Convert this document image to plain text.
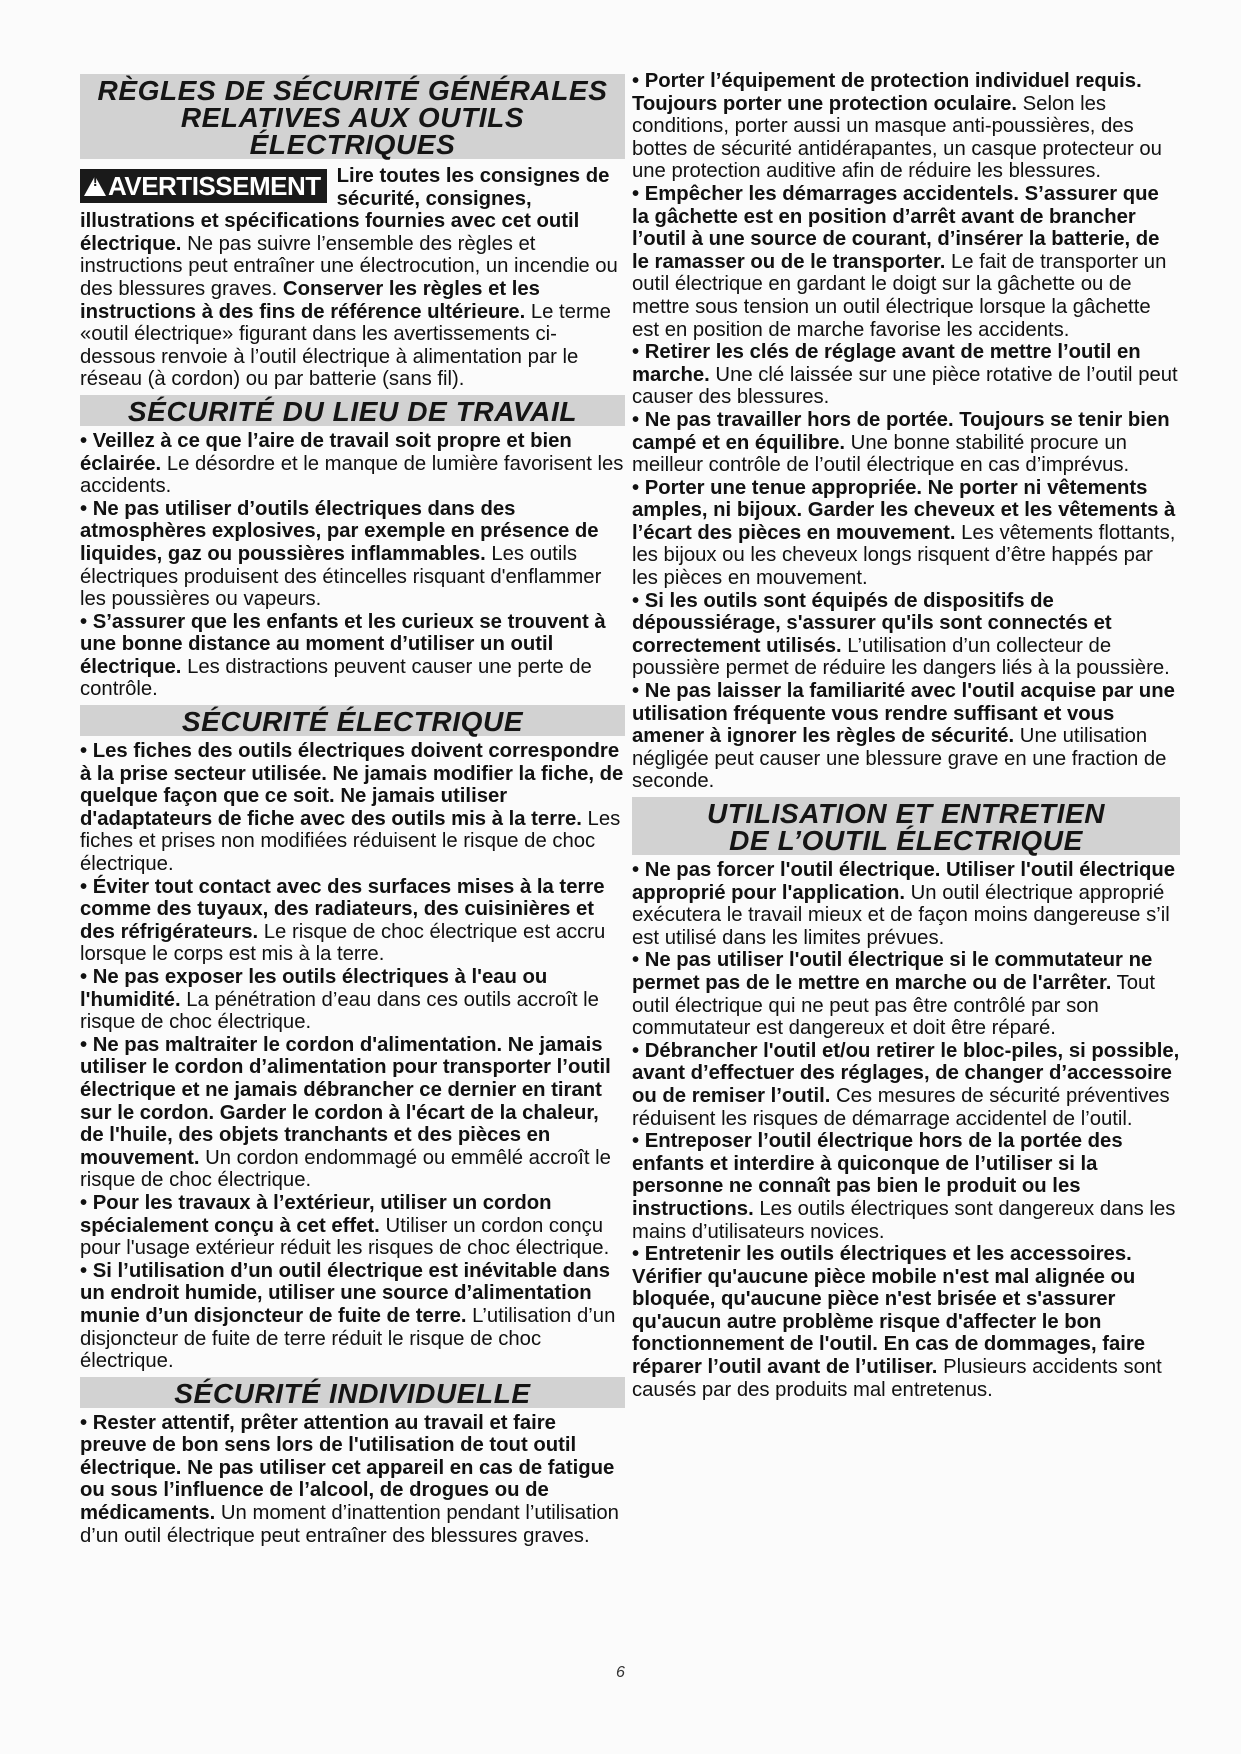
RÈGLES DE SÉCURITÉ GÉNÉRALES
RELATIVES AUX OUTILS ÉLECTRIQUES
! AVERTISSEMENT Lire toutes les consignes de sécurité, consignes, illustrations et spécifications fournies avec cet outil électrique. Ne pas suivre l’ensemble des règles et instructions peut entraîner une électrocution, un incendie ou des blessures graves. Conserver les règles et les instructions à des fins de référence ultérieure. Le terme «outil électrique» figurant dans les avertissements ci-dessous renvoie à l’outil électrique à alimentation par le réseau (à cordon) ou par batterie (sans fil).
SÉCURITÉ DU LIEU DE TRAVAIL
• Veillez à ce que l’aire de travail soit propre et bien éclairée. Le désordre et le manque de lumière favorisent les accidents.
• Ne pas utiliser d’outils électriques dans des atmosphères explosives, par exemple en présence de liquides, gaz ou poussières inflammables. Les outils électriques produisent des étincelles risquant d'enflammer les poussières ou vapeurs.
• S’assurer que les enfants et les curieux se trouvent à une bonne distance au moment d’utiliser un outil électrique. Les distractions peuvent causer une perte de contrôle.
SÉCURITÉ ÉLECTRIQUE
• Les fiches des outils électriques doivent correspondre à la prise secteur utilisée. Ne jamais modifier la fiche, de quelque façon que ce soit. Ne jamais utiliser d'adaptateurs de fiche avec des outils mis à la terre. Les fiches et prises non modifiées réduisent le risque de choc électrique.
• Éviter tout contact avec des surfaces mises à la terre comme des tuyaux, des radiateurs, des cuisinières et des réfrigérateurs. Le risque de choc électrique est accru lorsque le corps est mis à la terre.
• Ne pas exposer les outils électriques à l'eau ou l'humidité. La pénétration d’eau dans ces outils accroît le risque de choc électrique.
• Ne pas maltraiter le cordon d'alimentation. Ne jamais utiliser le cordon d’alimentation pour transporter l’outil électrique et ne jamais débrancher ce dernier en tirant sur le cordon. Garder le cordon à l'écart de la chaleur, de l'huile, des objets tranchants et des pièces en mouvement. Un cordon endommagé ou emmêlé accroît le risque de choc électrique.
• Pour les travaux à l’extérieur, utiliser un cordon spécialement conçu à cet effet. Utiliser un cordon conçu pour l'usage extérieur réduit les risques de choc électrique.
• Si l’utilisation d’un outil électrique est inévitable dans un endroit humide, utiliser une source d’alimentation munie d’un disjoncteur de fuite de terre. L’utilisation d’un disjoncteur de fuite de terre réduit le risque de choc électrique.
SÉCURITÉ INDIVIDUELLE
• Rester attentif, prêter attention au travail et faire preuve de bon sens lors de l'utilisation de tout outil électrique. Ne pas utiliser cet appareil en cas de fatigue ou sous l’influence de l’alcool, de drogues ou de médicaments. Un moment d’inattention pendant l’utilisation d’un outil électrique peut entraîner des blessures graves.
• Porter l’équipement de protection individuel requis. Toujours porter une protection oculaire. Selon les conditions, porter aussi un masque anti-poussières, des bottes de sécurité antidérapantes, un casque protecteur ou une protection auditive afin de réduire les blessures.
• Empêcher les démarrages accidentels. S’assurer que la gâchette est en position d’arrêt avant de brancher l’outil à une source de courant, d’insérer la batterie, de le ramasser ou de le transporter. Le fait de transporter un outil électrique en gardant le doigt sur la gâchette ou de mettre sous tension un outil électrique lorsque la gâchette est en position de marche favorise les accidents.
• Retirer les clés de réglage avant de mettre l’outil en marche. Une clé laissée sur une pièce rotative de l’outil peut causer des blessures.
• Ne pas travailler hors de portée. Toujours se tenir bien campé et en équilibre. Une bonne stabilité procure un meilleur contrôle de l’outil électrique en cas d’imprévus.
• Porter une tenue appropriée. Ne porter ni vêtements amples, ni bijoux. Garder les cheveux et les vêtements à l’écart des pièces en mouvement. Les vêtements flottants, les bijoux ou les cheveux longs risquent d’être happés par les pièces en mouvement.
• Si les outils sont équipés de dispositifs de dépoussiérage, s'assurer qu'ils sont connectés et correctement utilisés. L’utilisation d’un collecteur de poussière permet de réduire les dangers liés à la poussière.
• Ne pas laisser la familiarité avec l'outil acquise par une utilisation fréquente vous rendre suffisant et vous amener à ignorer les règles de sécurité. Une utilisation négligée peut causer une blessure grave en une fraction de seconde.
UTILISATION ET ENTRETIEN
DE L’OUTIL ÉLECTRIQUE
• Ne pas forcer l'outil électrique. Utiliser l'outil électrique approprié pour l'application. Un outil électrique approprié exécutera le travail mieux et de façon moins dangereuse s’il est utilisé dans les limites prévues.
• Ne pas utiliser l'outil électrique si le commutateur ne permet pas de le mettre en marche ou de l'arrêter. Tout outil électrique qui ne peut pas être contrôlé par son commutateur est dangereux et doit être réparé.
• Débrancher l'outil et/ou retirer le bloc-piles, si possible, avant d’effectuer des réglages, de changer d’accessoire ou de remiser l’outil. Ces mesures de sécurité préventives réduisent les risques de démarrage accidentel de l’outil.
• Entreposer l’outil électrique hors de la portée des enfants et interdire à quiconque de l’utiliser si la personne ne connaît pas bien le produit ou les instructions. Les outils électriques sont dangereux dans les mains d’utilisateurs novices.
• Entretenir les outils électriques et les accessoires. Vérifier qu'aucune pièce mobile n'est mal alignée ou bloquée, qu'aucune pièce n'est brisée et s'assurer qu'aucun autre problème risque d'affecter le bon fonctionnement de l'outil. En cas de dommages, faire réparer l’outil avant de l’utiliser. Plusieurs accidents sont causés par des produits mal entretenus.
6
